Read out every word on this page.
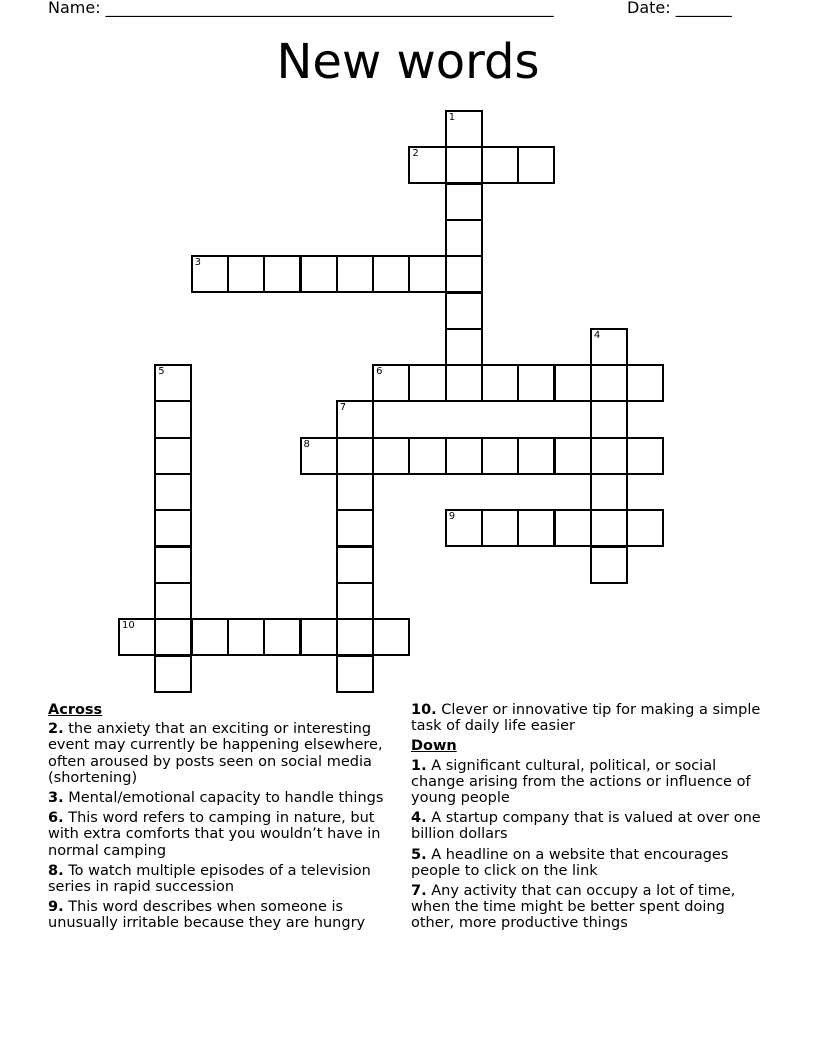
Name: ________________________________________________________	Date: _______
New words
1
2
3
4
5	6
7
8
9
10
Across
2. the anxiety that an exciting or interesting event may currently be happening elsewhere, often aroused by posts seen on social media (shortening)
3. Mental/emotional capacity to handle things
6. This word refers to camping in nature, but with extra comforts that you wouldn’t have in normal camping
8. To watch multiple episodes of a television series in rapid succession
9. This word describes when someone is unusually irritable because they are hungry
10. Clever or innovative tip for making a simple task of daily life easier
Down
1. A significant cultural, political, or social change arising from the actions or influence of young people
4. A startup company that is valued at over one billion dollars
5. A headline on a website that encourages people to click on the link
7. Any activity that can occupy a lot of time, when the time might be better spent doing other, more productive things
